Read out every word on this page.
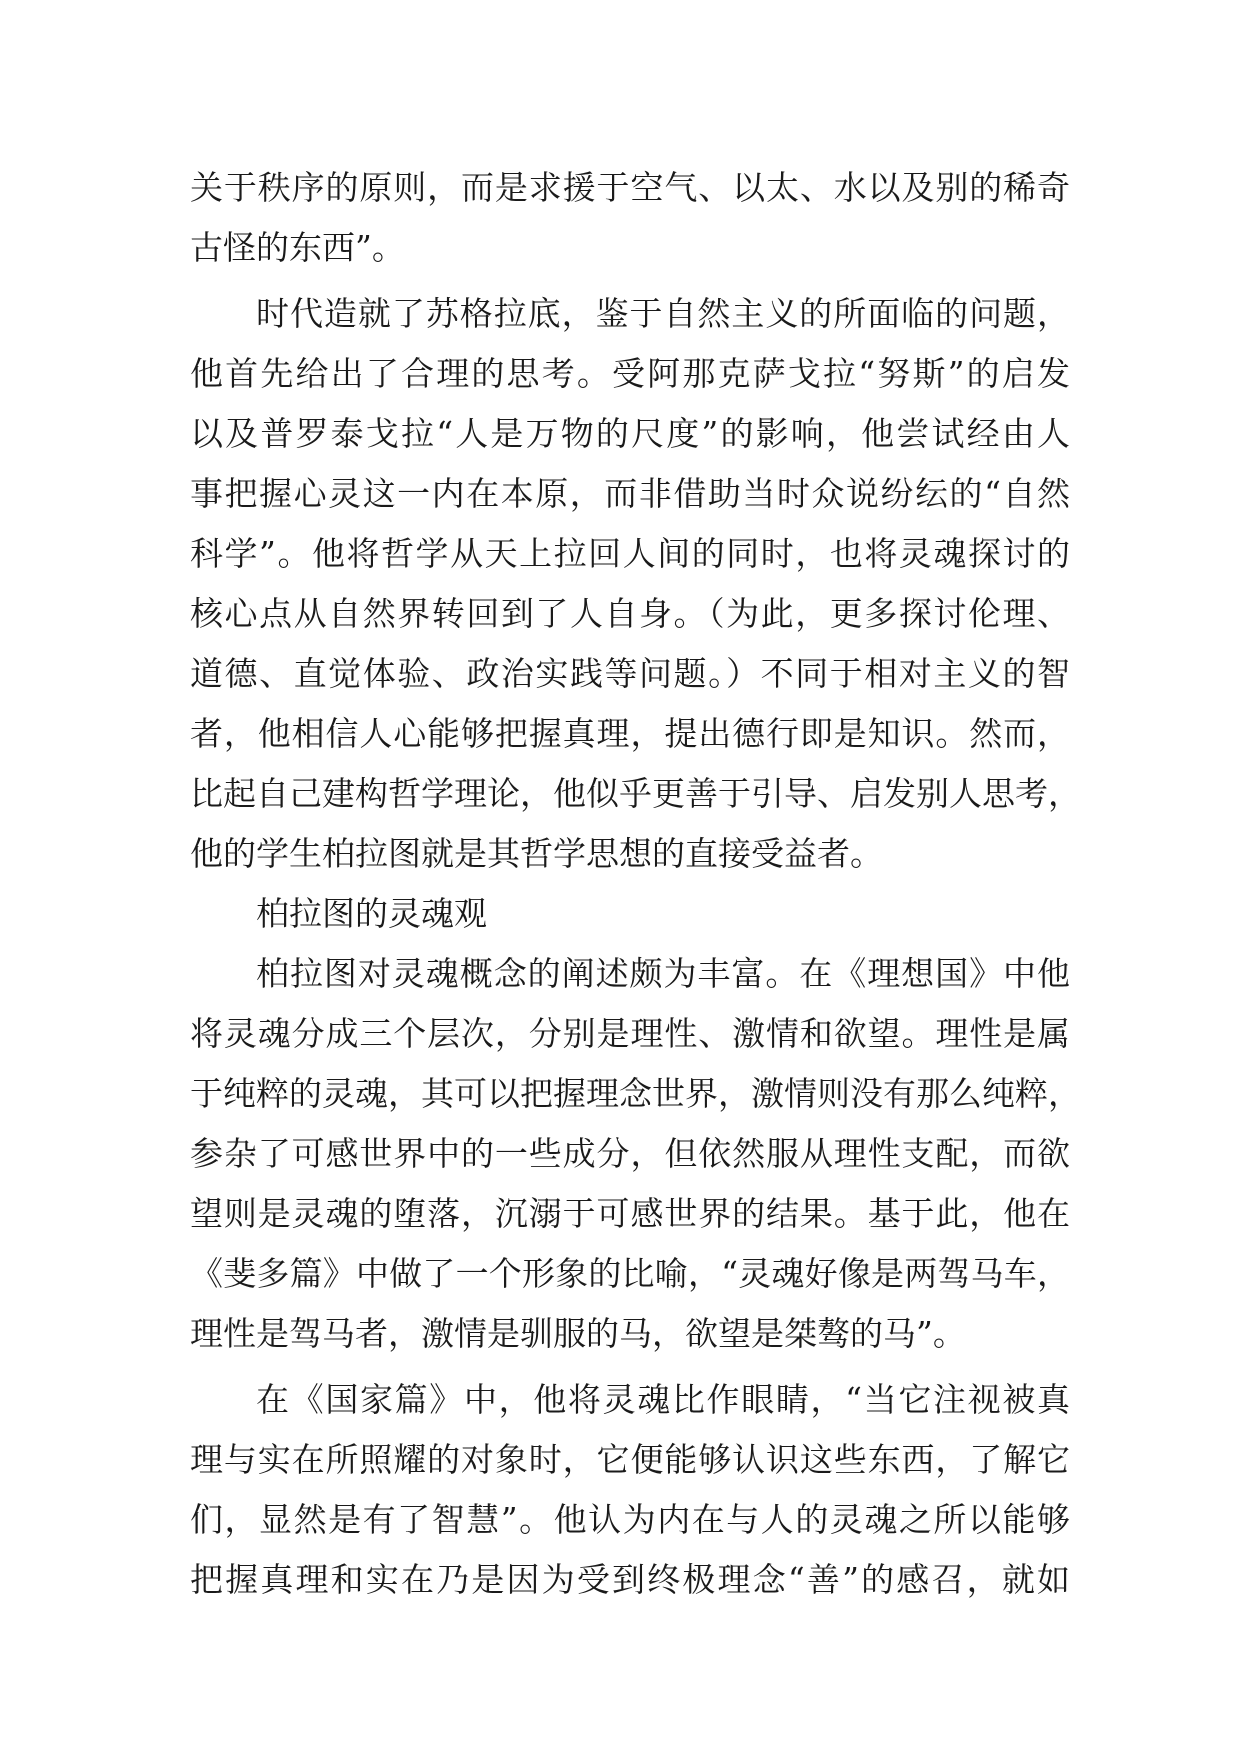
关于秩序的原则，而是求援于空气、以太、水以及别的稀奇
古怪的东西”。
时代造就了苏格拉底，鉴于自然主义的所面临的问题，
他首先给出了合理的思考。受阿那克萨戈拉“努斯”的启发
以及普罗泰戈拉“人是万物的尺度”的影响，他尝试经由人
事把握心灵这一内在本原，而非借助当时众说纷纭的“自然
科学”。他将哲学从天上拉回人间的同时，也将灵魂探讨的
核心点从自然界转回到了人自身。（为此，更多探讨伦理、
道德、直觉体验、政治实践等问题。）不同于相对主义的智
者，他相信人心能够把握真理，提出德行即是知识。然而，
比起自己建构哲学理论，他似乎更善于引导、启发别人思考，
他的学生柏拉图就是其哲学思想的直接受益者。
柏拉图的灵魂观
柏拉图对灵魂概念的阐述颇为丰富。在《理想国》中他
将灵魂分成三个层次，分别是理性、激情和欲望。理性是属
于纯粹的灵魂，其可以把握理念世界，激情则没有那么纯粹，
参杂了可感世界中的一些成分，但依然服从理性支配，而欲
望则是灵魂的堕落，沉溺于可感世界的结果。基于此，他在
《斐多篇》中做了一个形象的比喻，“灵魂好像是两驾马车，
理性是驾马者，激情是驯服的马，欲望是桀骜的马”。
在《国家篇》中，他将灵魂比作眼睛，“当它注视被真
理与实在所照耀的对象时，它便能够认识这些东西，了解它
们，显然是有了智慧”。他认为内在与人的灵魂之所以能够
把握真理和实在乃是因为受到终极理念“善”的感召，就如
